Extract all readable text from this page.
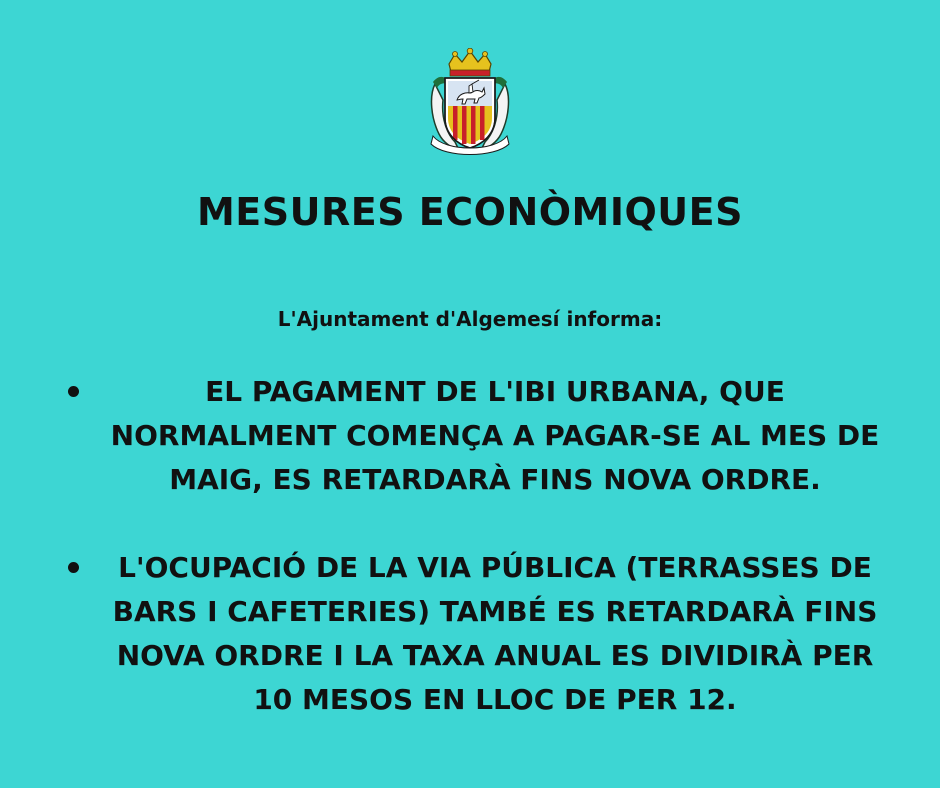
MESURES ECONÒMIQUES
L'Ajuntament d'Algemesí informa:
EL PAGAMENT DE L'IBI URBANA, QUE NORMALMENT COMENÇA A PAGAR-SE AL MES DE MAIG, ES RETARDARÀ FINS NOVA ORDRE.
L'OCUPACIÓ DE LA VIA PÚBLICA (TERRASSES DE BARS I CAFETERIES) TAMBÉ ES RETARDARÀ FINS NOVA ORDRE I LA TAXA ANUAL ES DIVIDIRÀ PER 10 MESOS EN LLOC DE PER 12.
